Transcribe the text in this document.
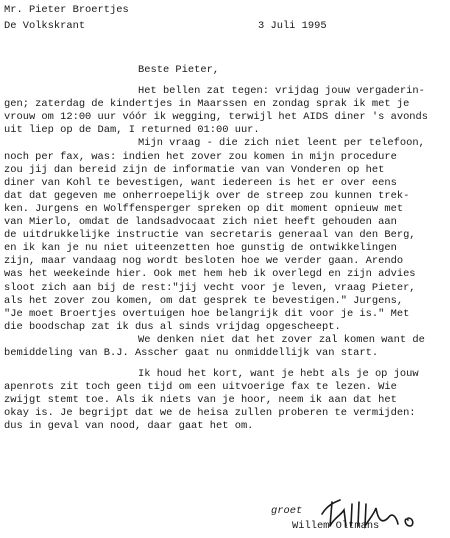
Mr. Pieter Broertjes
De Volkskrant	3 Juli 1995
Beste Pieter,
Het bellen zat tegen: vrijdag jouw vergaderin-
gen; zaterdag de kindertjes in Maarssen en zondag sprak ik met je
vrouw om 12:00 uur vóór ik wegging, terwijl het AIDS diner 's avonds
uit liep op de Dam, I returned 01:00 uur.
Mijn vraag - die zich niet leent per telefoon,
noch per fax, was: indien het zover zou komen in mijn procedure
zou jij dan bereid zijn de informatie van van Vonderen op het
diner van Kohl te bevestigen, want iedereen is het er over eens
dat dat gegeven me onherroepelijk over de streep zou kunnen trek-
ken. Jurgens en Wolffensperger spreken op dit moment opnieuw met
van Mierlo, omdat de landsadvocaat zich niet heeft gehouden aan
de uitdrukkelijke instructie van secretaris generaal van den Berg,
en ik kan je nu niet uiteenzetten hoe gunstig de ontwikkelingen
zijn, maar vandaag nog wordt besloten hoe we verder gaan. Arendo
was het weekeinde hier. Ook met hem heb ik overlegd en zijn advies
sloot zich aan bij de rest:"jij vecht voor je leven, vraag Pieter,
als het zover zou komen, om dat gesprek te bevestigen." Jurgens,
"Je moet Broertjes overtuigen hoe belangrijk dit voor je is." Met
die boodschap zat ik dus al sinds vrijdag opgescheept.
We denken niet dat het zover zal komen want de
bemiddeling van B.J. Asscher gaat nu onmiddellijk van start.
Ik houd het kort, want je hebt als je op jouw
apenrots zit toch geen tijd om een uitvoerige fax te lezen. Wie
zwijgt stemt toe. Als ik niets van je hoor, neem ik aan dat het
okay is. Je begrijpt dat we de heisa zullen proberen te vermijden:
dus in geval van nood, daar gaat het om.
groet
Willem Oltmans
